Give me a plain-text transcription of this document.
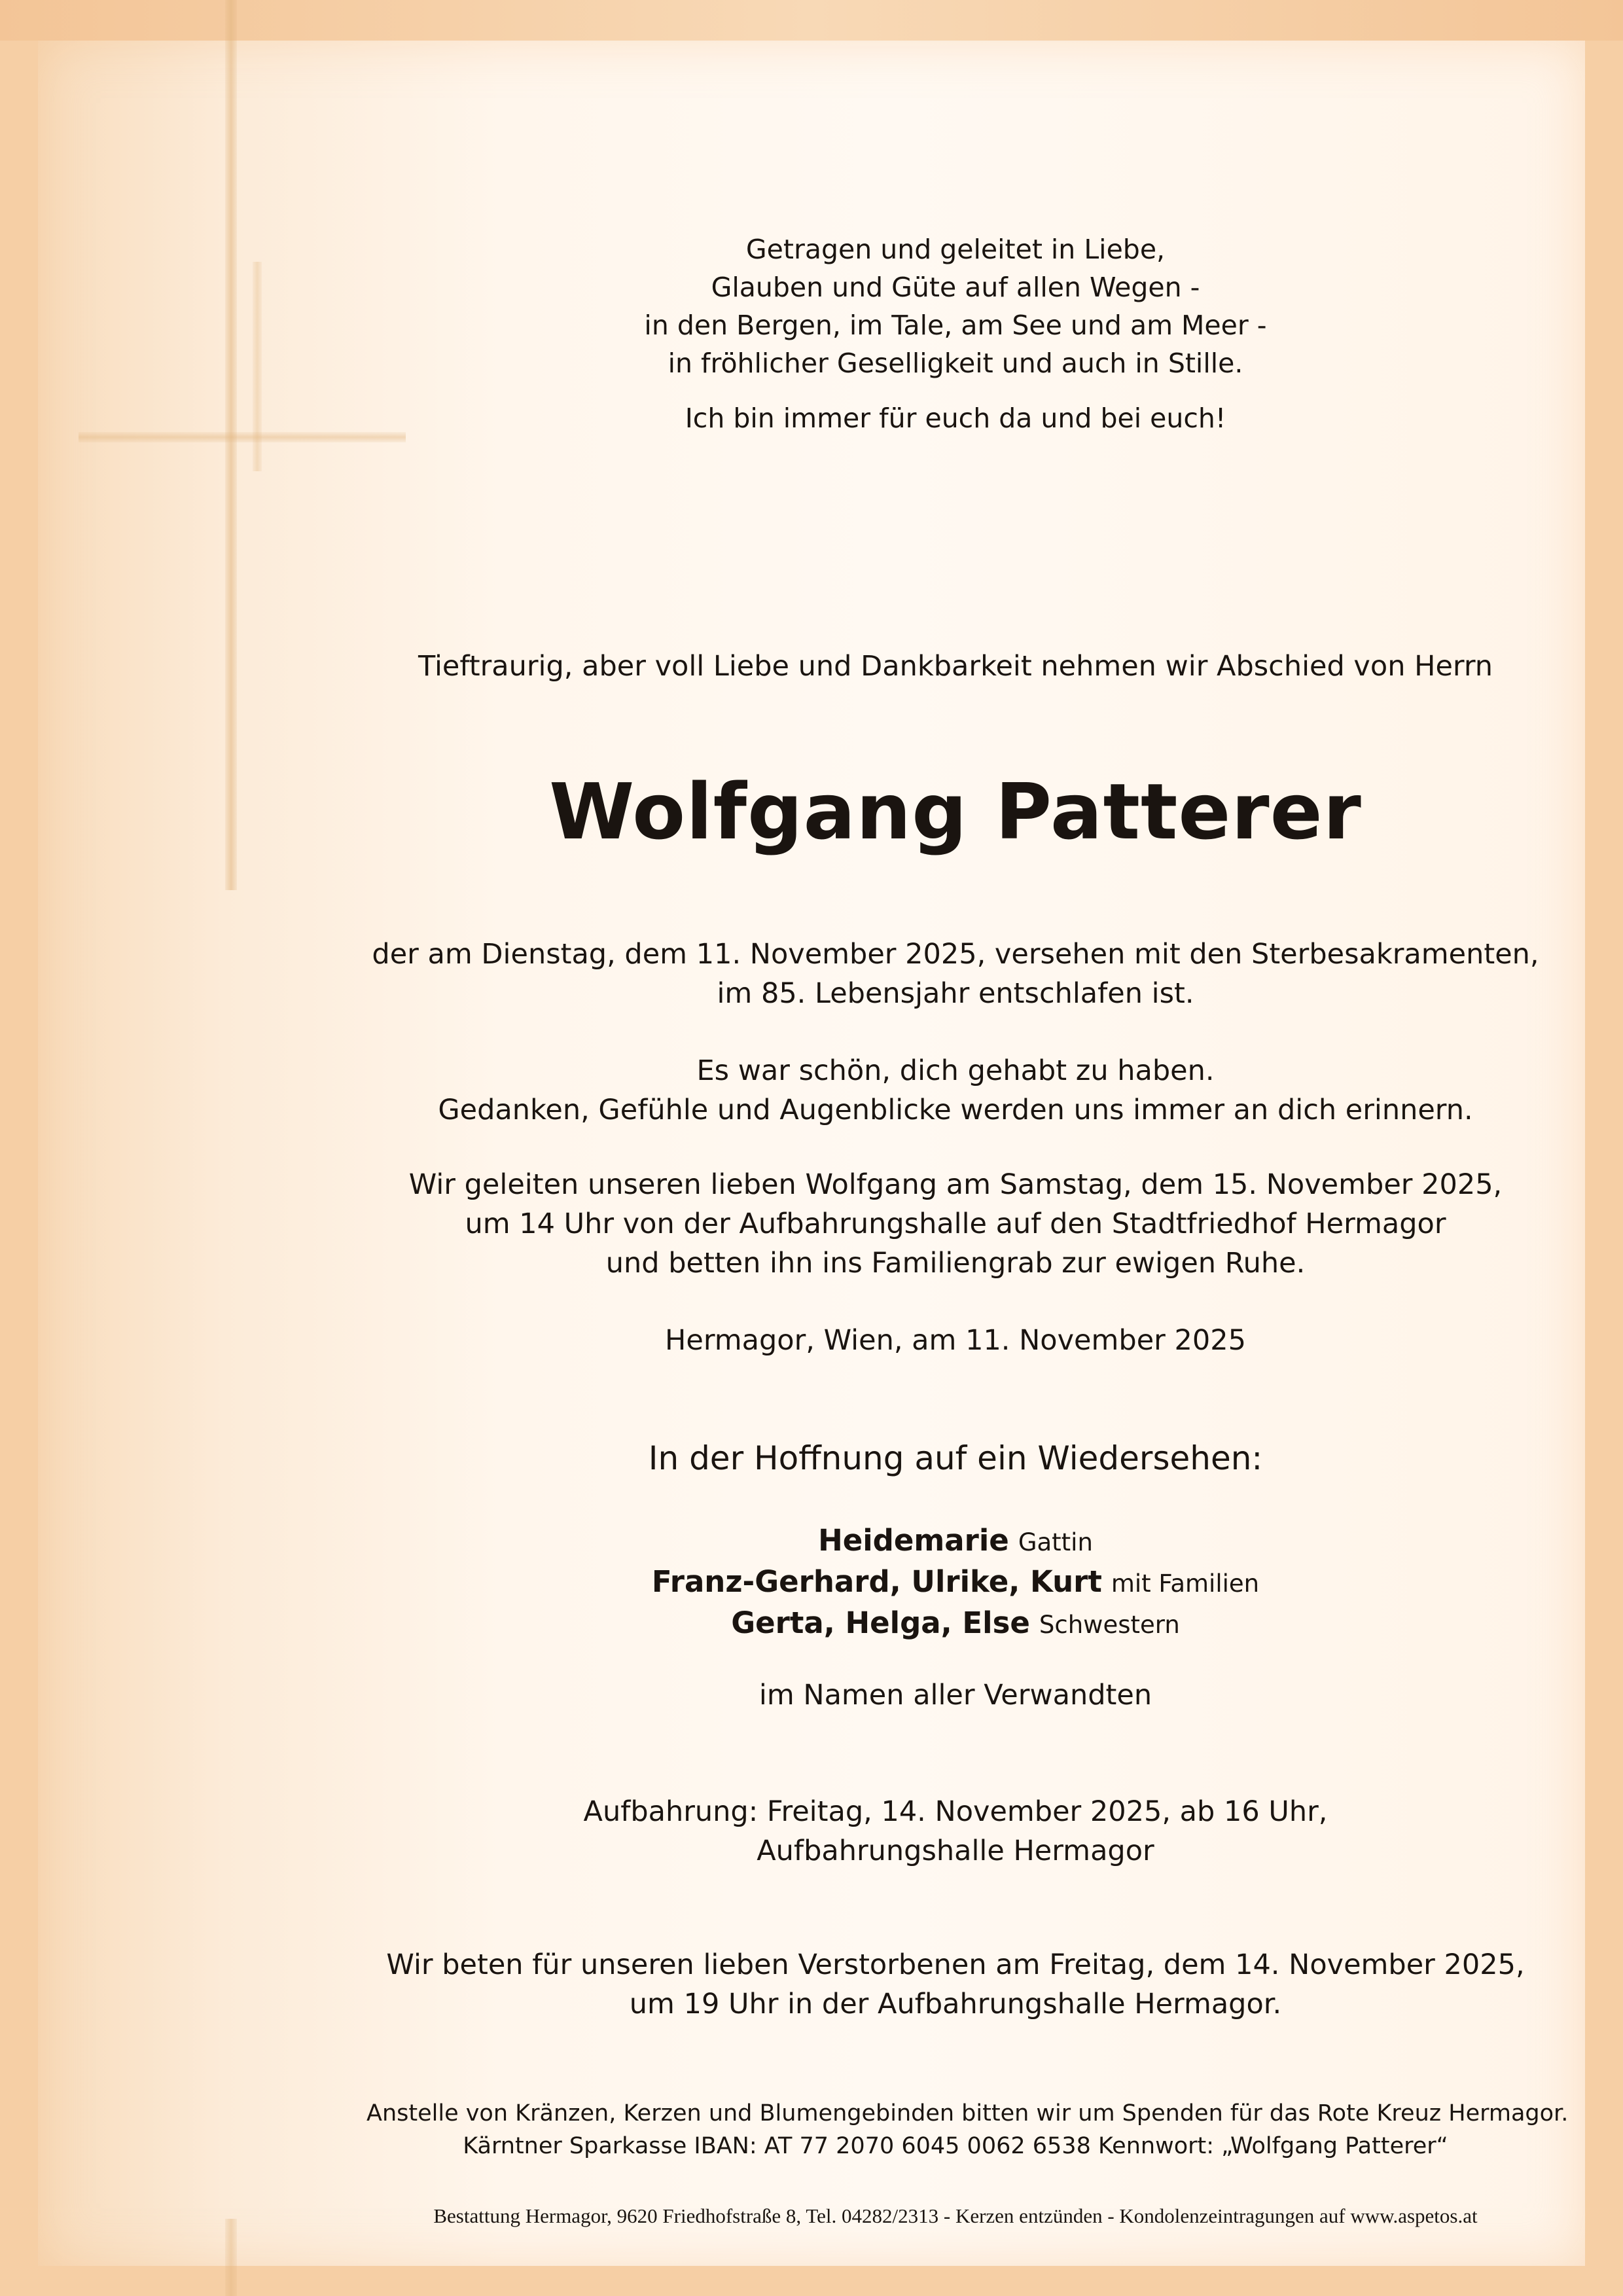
Getragen und geleitet in Liebe,
Glauben und Güte auf allen Wegen -
in den Bergen, im Tale, am See und am Meer -
in fröhlicher Geselligkeit und auch in Stille.
Ich bin immer für euch da und bei euch!
Tieftraurig, aber voll Liebe und Dankbarkeit nehmen wir Abschied von Herrn
Wolfgang Patterer
der am Dienstag, dem 11. November 2025, versehen mit den Sterbesakramenten,
im 85. Lebensjahr entschlafen ist.
Es war schön, dich gehabt zu haben.
Gedanken, Gefühle und Augenblicke werden uns immer an dich erinnern.
Wir geleiten unseren lieben Wolfgang am Samstag, dem 15. November 2025,
um 14 Uhr von der Aufbahrungshalle auf den Stadtfriedhof Hermagor
und betten ihn ins Familiengrab zur ewigen Ruhe.
Hermagor, Wien, am 11. November 2025
In der Hoffnung auf ein Wiedersehen:
Heidemarie Gattin
Franz-Gerhard, Ulrike, Kurt mit Familien
Gerta, Helga, Else Schwestern
im Namen aller Verwandten
Aufbahrung: Freitag, 14. November 2025, ab 16 Uhr,
Aufbahrungshalle Hermagor
Wir beten für unseren lieben Verstorbenen am Freitag, dem 14. November 2025,
um 19 Uhr in der Aufbahrungshalle Hermagor.
Anstelle von Kränzen, Kerzen und Blumengebinden bitten wir um Spenden für das Rote Kreuz Hermagor.
Kärntner Sparkasse IBAN: AT 77 2070 6045 0062 6538 Kennwort: „Wolfgang Patterer“
Bestattung Hermagor, 9620 Friedhofstraße 8, Tel. 04282/2313 - Kerzen entzünden - Kondolenzeintragungen auf www.aspetos.at
